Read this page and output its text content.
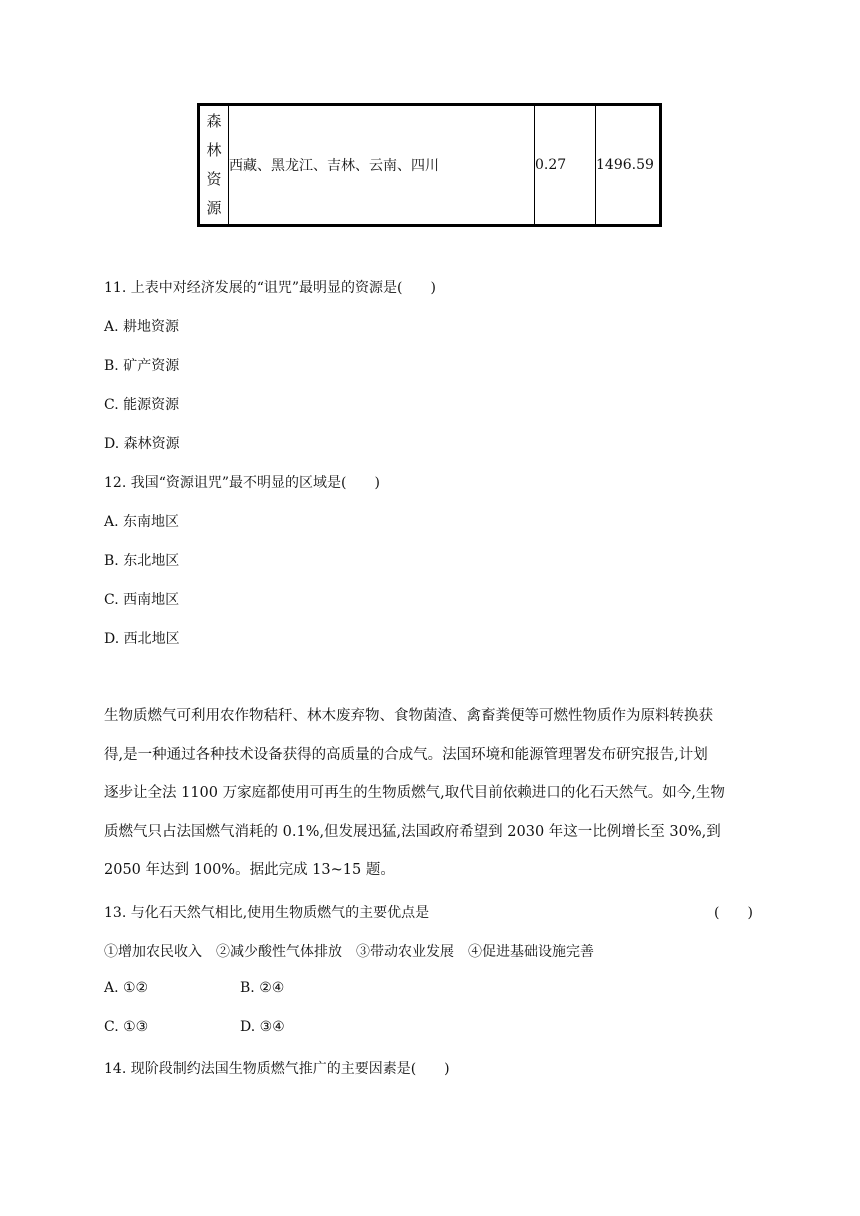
森
林
资
源
	西藏、黑龙江、吉林、云南、四川	0.27	1496.59
11. 上表中对经济发展的“诅咒”最明显的资源是(　　)
A. 耕地资源
B. 矿产资源
C. 能源资源
D. 森林资源
12. 我国“资源诅咒”最不明显的区域是(　　)
A. 东南地区
B. 东北地区
C. 西南地区
D. 西北地区
生物质燃气可利用农作物秸秆、林木废弃物、食物菌渣、禽畜粪便等可燃性物质作为原料转换获
得,是一种通过各种技术设备获得的高质量的合成气。法国环境和能源管理署发布研究报告,计划
逐步让全法 1100 万家庭都使用可再生的生物质燃气,取代目前依赖进口的化石天然气。如今,生物
质燃气只占法国燃气消耗的 0.1%,但发展迅猛,法国政府希望到 2030 年这一比例增长至 30%,到
2050 年达到 100%。据此完成 13~15 题。
13. 与化石天然气相比,使用生物质燃气的主要优点是	(　　)
①增加农民收入　②减少酸性气体排放　③带动农业发展　④促进基础设施完善
A. ①②	B. ②④
C. ①③	D. ③④
14. 现阶段制约法国生物质燃气推广的主要因素是(　　)
